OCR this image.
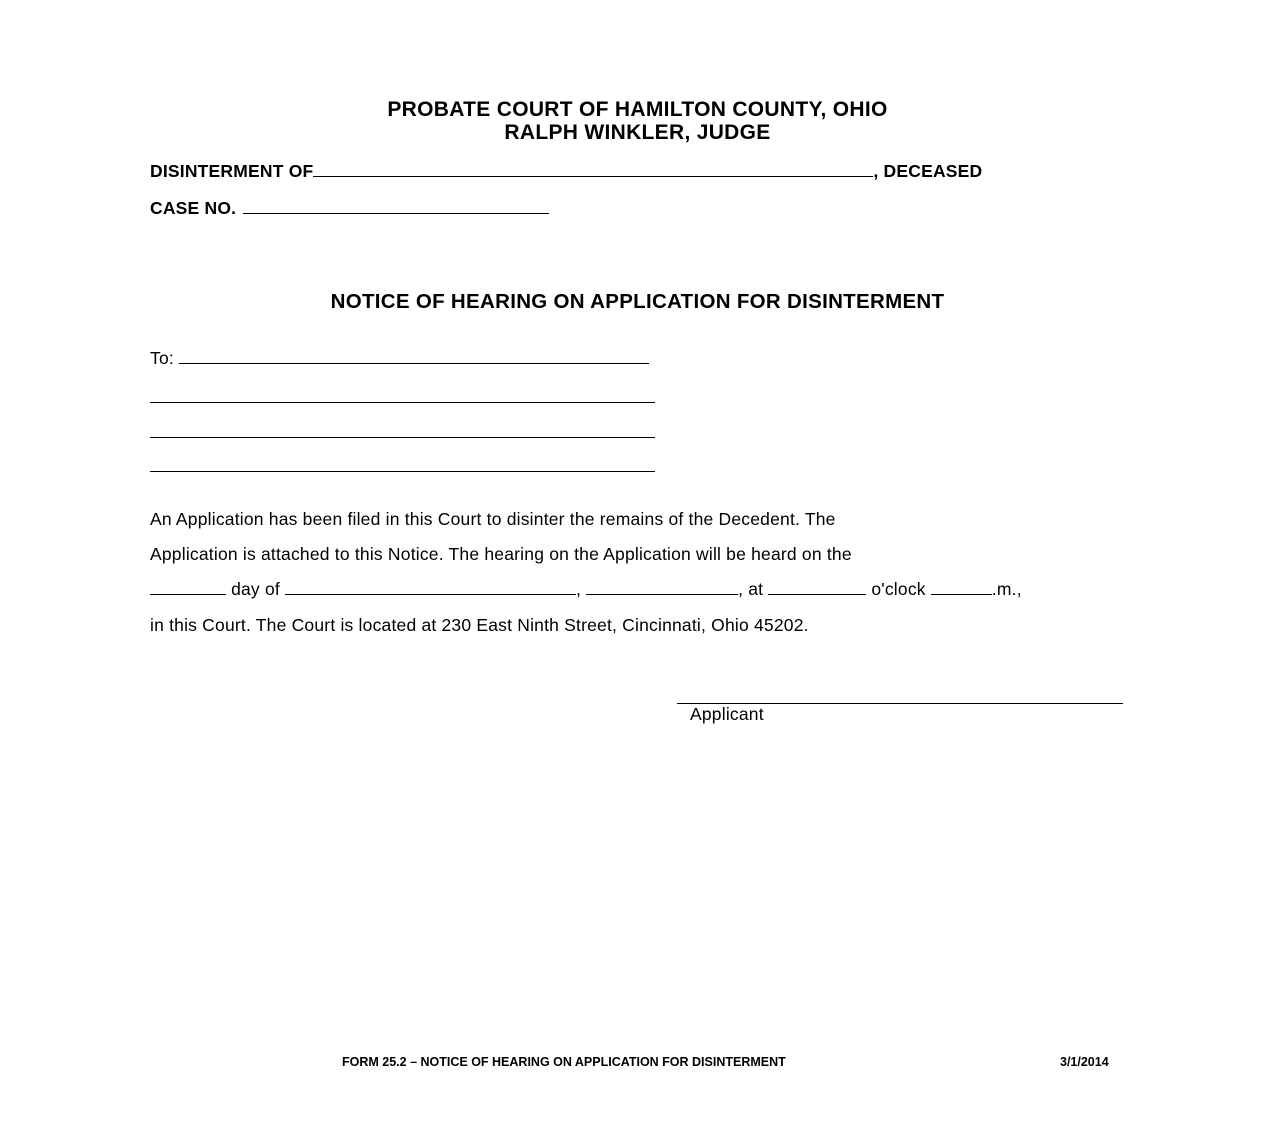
PROBATE COURT OF HAMILTON COUNTY, OHIO
RALPH WINKLER, JUDGE
DISINTERMENT OF	, DECEASED
CASE NO.
NOTICE OF HEARING ON APPLICATION FOR DISINTERMENT
To:
An Application has been filed in this Court to disinter the remains of the Decedent. The
Application is attached to this Notice. The hearing on the Application will be heard on the
day of	,	, at	o'clock	.m.,
in this Court. The Court is located at 230 East Ninth Street, Cincinnati, Ohio 45202.
Applicant
FORM 25.2 – NOTICE OF HEARING ON APPLICATION FOR DISINTERMENT	3/1/2014
